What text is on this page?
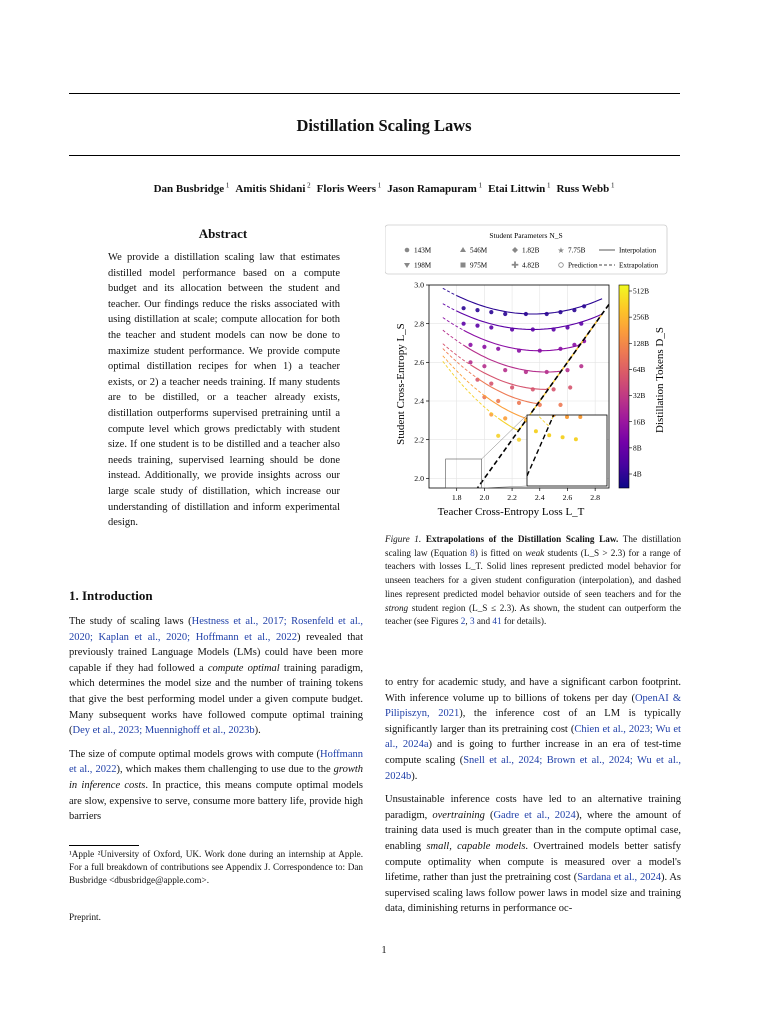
Distillation Scaling Laws
Dan Busbridge $^1$ Amitis Shidani $^2$ Floris Weers $^1$ Jason Ramapuram $^1$ Etai Littwin $^1$ Russ Webb $^1$
Abstract
We provide a distillation scaling law that estimates distilled model performance based on a compute budget and its allocation between the student and teacher. Our findings reduce the risks associated with using distillation at scale; compute allocation for both the teacher and student models can now be done to maximize student performance. We provide compute optimal distillation recipes for when 1) a teacher exists, or 2) a teacher needs training. If many students are to be distilled, or a teacher already exists, distillation outperforms supervised pretraining until a compute level which grows predictably with student size. If one student is to be distilled and a teacher also needs training, supervised learning should be done instead. Additionally, we provide insights across our large scale study of distillation, which increase our understanding of distillation and inform experimental design.
1. Introduction

The study of scaling laws (Hestness et al., 2017; Rosenfeld et al., 2020; Kaplan et al., 2020; Hoffmann et al., 2022) revealed that previously trained Language Models (LMs) could have been more capable if they had followed a compute optimal training paradigm, which determines the model size and the number of training tokens that give the best performing model under a given compute budget. Many subsequent works have followed compute optimal training (Dey et al., 2023; Muennighoff et al., 2023b).

The size of compute optimal models grows with compute (Hoffmann et al., 2022), which makes them challenging to use due to the growth in inference costs. In practice, this means compute optimal models are slow, expensive to serve, consume more battery life, provide high barriers

¹Apple ²University of Oxford, UK. Work done during an internship at Apple. For a full breakdown of contributions see Appendix J. Correspondence to: Dan Busbridge <dbusbridge@apple.com>.
Preprint.

to entry for academic study, and have a significant carbon footprint. With inference volume up to billions of tokens per day (OpenAI & Pilipiszyn, 2021), the inference cost of an LM is typically significantly larger than its pretraining cost (Chien et al., 2023; Wu et al., 2024a) and is going to further increase in an era of test-time compute scaling (Snell et al., 2024; Brown et al., 2024; Wu et al., 2024b).

Unsustainable inference costs have led to an alternative training paradigm, overtraining (Gadre et al., 2024), where the amount of training data used is much greater than in the compute optimal case, enabling small, capable models. Overtrained models better satisfy compute optimality when compute is measured over a model's lifetime, rather than just the pretraining cost (Sardana et al., 2024). As supervised scaling laws follow power laws in model size and training data, diminishing returns in performance oc-

1
Student Parameters N_S
143M	546M	1.82B ★ 7.75B	Interpolation
198M	975M	✚ 4.82B	Prediction	Extrapolation
1.8 2.0 2.2 2.4 2.6 2.8
2.0
2.2
2.4
2.6
2.8
3.0
4B
8B
16B
32B
64B
128B
256B
512B
Teacher Cross-Entropy Loss L_T
Student Cross-Entropy L_S	Distillation Tokens D_S
Figure 1. Extrapolations of the Distillation Scaling Law. The distillation scaling law (Equation 8) is fitted on weak students (L_S > 2.3) for a range of teachers with losses L_T. Solid lines represent predicted model behavior for unseen teachers for a given student configuration (interpolation), and dashed lines represent predicted model behavior outside of seen teachers and for the strong student region (L_S ≤ 2.3). As shown, the student can outperform the teacher (see Figures 2, 3 and 41 for details).
